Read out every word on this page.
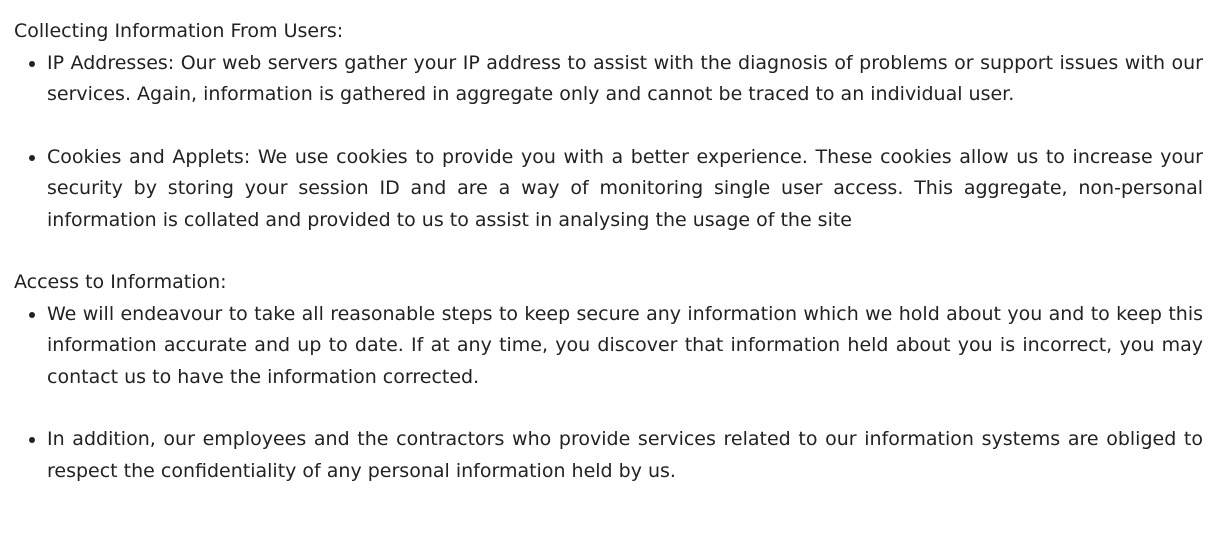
Collecting Information From Users:

• IP Addresses: Our web servers gather your IP address to assist with the diagnosis of problems or support issues with our services. Again, information is gathered in aggregate only and cannot be traced to an individual user.
• Cookies and Applets: We use cookies to provide you with a better experience. These cookies allow us to increase your security by storing your session ID and are a way of monitoring single user access. This aggregate, non-personal information is collated and provided to us to assist in analysing the usage of the site

Access to Information:

• We will endeavour to take all reasonable steps to keep secure any information which we hold about you and to keep this information accurate and up to date. If at any time, you discover that information held about you is incorrect, you may contact us to have the information corrected.
• In addition, our employees and the contractors who provide services related to our information systems are obliged to respect the confidentiality of any personal information held by us.
